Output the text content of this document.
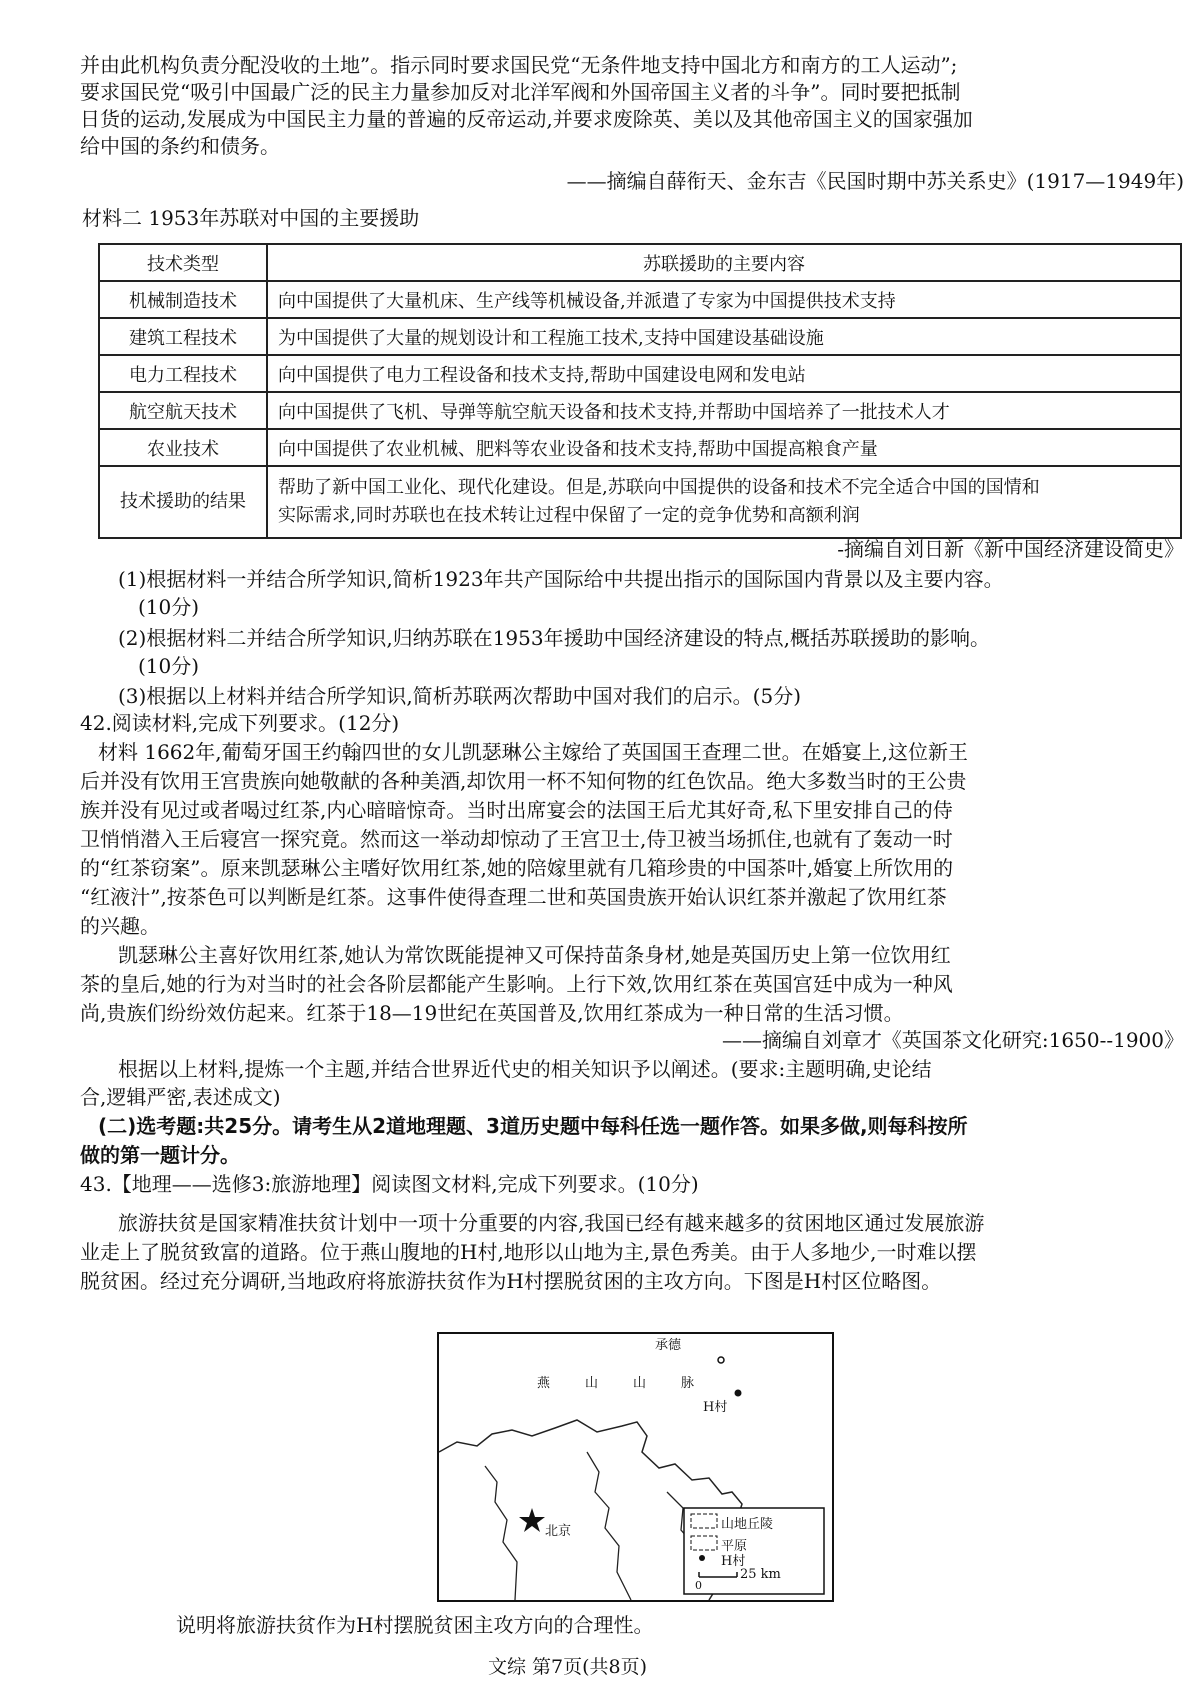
并由此机构负责分配没收的土地”。指示同时要求国民党“无条件地支持中国北方和南方的工人运动”;
要求国民党“吸引中国最广泛的民主力量参加反对北洋军阀和外国帝国主义者的斗争”。同时要把抵制
日货的运动,发展成为中国民主力量的普遍的反帝运动,并要求废除英、美以及其他帝国主义的国家强加
给中国的条约和债务。
——摘编自薛衔天、金东吉《民国时期中苏关系史》(1917—1949年)
材料二 1953年苏联对中国的主要援助
技术类型	苏联援助的主要内容
机械制造技术	向中国提供了大量机床、生产线等机械设备,并派遣了专家为中国提供技术支持
建筑工程技术	为中国提供了大量的规划设计和工程施工技术,支持中国建设基础设施
电力工程技术	向中国提供了电力工程设备和技术支持,帮助中国建设电网和发电站
航空航天技术	向中国提供了飞机、导弹等航空航天设备和技术支持,并帮助中国培养了一批技术人才
农业技术	向中国提供了农业机械、肥料等农业设备和技术支持,帮助中国提高粮食产量
技术援助的结果	帮助了新中国工业化、现代化建设。但是,苏联向中国提供的设备和技术不完全适合中国的国情和
实际需求,同时苏联也在技术转让过程中保留了一定的竞争优势和高额利润
-摘编自刘日新《新中国经济建设简史》
(1)根据材料一并结合所学知识,简析1923年共产国际给中共提出指示的国际国内背景以及主要内容。
(10分)
(2)根据材料二并结合所学知识,归纳苏联在1953年援助中国经济建设的特点,概括苏联援助的影响。
(10分)
(3)根据以上材料并结合所学知识,简析苏联两次帮助中国对我们的启示。(5分)
42.阅读材料,完成下列要求。(12分)
材料 1662年,葡萄牙国王约翰四世的女儿凯瑟琳公主嫁给了英国国王查理二世。在婚宴上,这位新王
后并没有饮用王宫贵族向她敬献的各种美酒,却饮用一杯不知何物的红色饮品。绝大多数当时的王公贵
族并没有见过或者喝过红茶,内心暗暗惊奇。当时出席宴会的法国王后尤其好奇,私下里安排自己的侍
卫悄悄潜入王后寝宫一探究竟。然而这一举动却惊动了王宫卫士,侍卫被当场抓住,也就有了轰动一时
的“红茶窃案”。原来凯瑟琳公主嗜好饮用红茶,她的陪嫁里就有几箱珍贵的中国茶叶,婚宴上所饮用的
“红液汁”,按茶色可以判断是红茶。这事件使得查理二世和英国贵族开始认识红茶并激起了饮用红茶
的兴趣。
凯瑟琳公主喜好饮用红茶,她认为常饮既能提神又可保持苗条身材,她是英国历史上第一位饮用红
茶的皇后,她的行为对当时的社会各阶层都能产生影响。上行下效,饮用红茶在英国宫廷中成为一种风
尚,贵族们纷纷效仿起来。红茶于18—19世纪在英国普及,饮用红茶成为一种日常的生活习惯。
——摘编自刘章才《英国茶文化研究:1650--1900》
根据以上材料,提炼一个主题,并结合世界近代史的相关知识予以阐述。(要求:主题明确,史论结
合,逻辑严密,表述成文)
(二)选考题:共25分。请考生从2道地理题、3道历史题中每科任选一题作答。如果多做,则每科按所
做的第一题计分。
43.【地理——选修3:旅游地理】阅读图文材料,完成下列要求。(10分)
旅游扶贫是国家精准扶贫计划中一项十分重要的内容,我国已经有越来越多的贫困地区通过发展旅游
业走上了脱贫致富的道路。位于燕山腹地的H村,地形以山地为主,景色秀美。由于人多地少,一时难以摆
脱贫困。经过充分调研,当地政府将旅游扶贫作为H村摆脱贫困的主攻方向。下图是H村区位略图。
承德
燕	山	山	脉
H村
北京	山地丘陵
平原
H村
0
25 km
说明将旅游扶贫作为H村摆脱贫困主攻方向的合理性。
文综 第7页(共8页)
